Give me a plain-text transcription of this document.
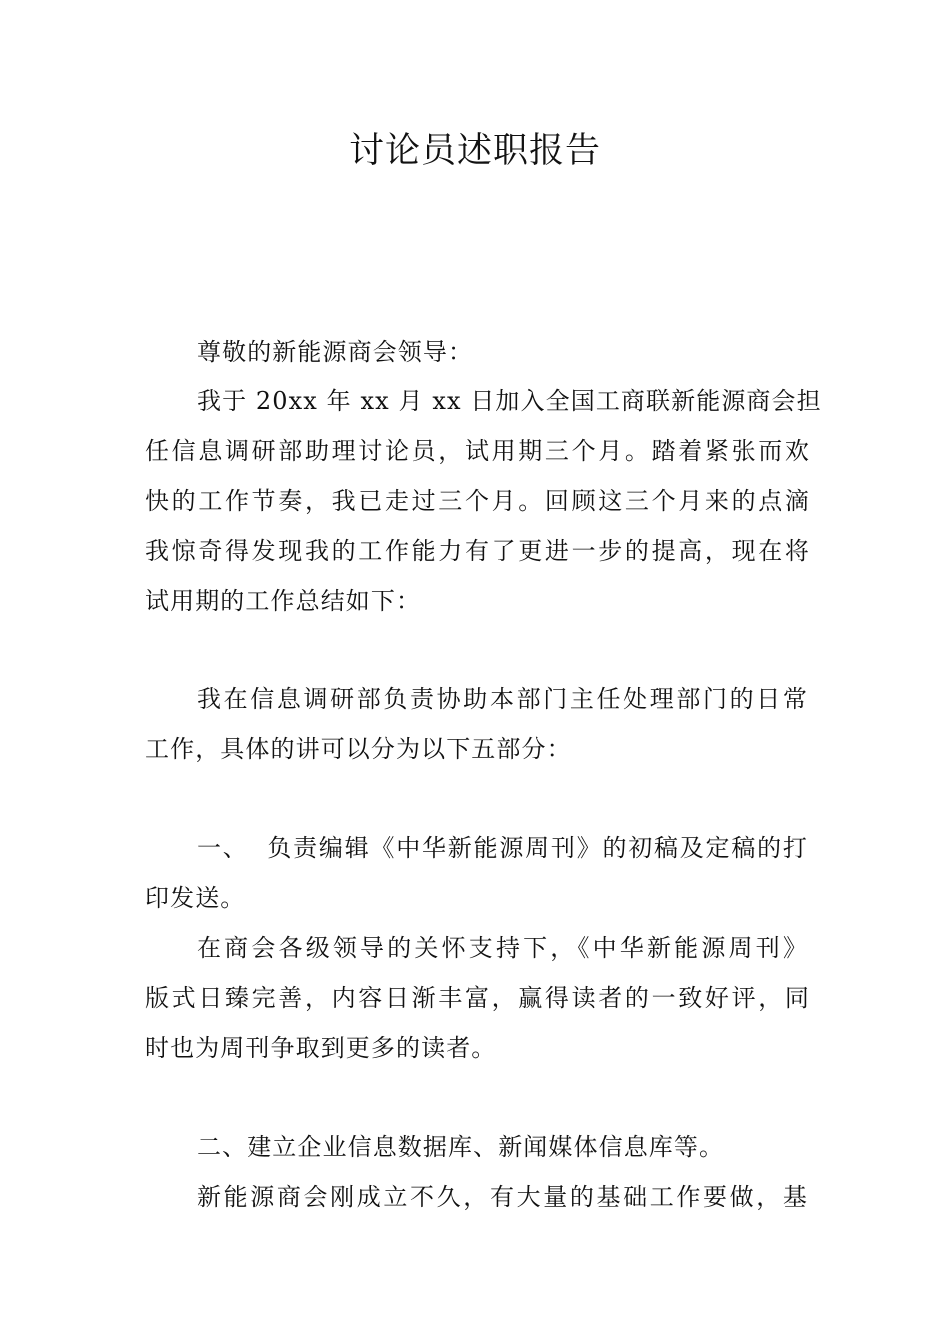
讨论员述职报告
尊敬的新能源商会领导：
我于 20xx 年 xx 月 xx 日加入全国工商联新能源商会担
任信息调研部助理讨论员，试用期三个月。踏着紧张而欢
快的工作节奏，我已走过三个月。回顾这三个月来的点滴
我惊奇得发现我的工作能力有了更进一步的提高，现在将
试用期的工作总结如下：
我在信息调研部负责协助本部门主任处理部门的日常
工作，具体的讲可以分为以下五部分：
一、  负责编辑《中华新能源周刊》的初稿及定稿的打
印发送。
在商会各级领导的关怀支持下，《中华新能源周刊》
版式日臻完善，内容日渐丰富，赢得读者的一致好评，同
时也为周刊争取到更多的读者。
二、建立企业信息数据库、新闻媒体信息库等。
新能源商会刚成立不久，有大量的基础工作要做，基
